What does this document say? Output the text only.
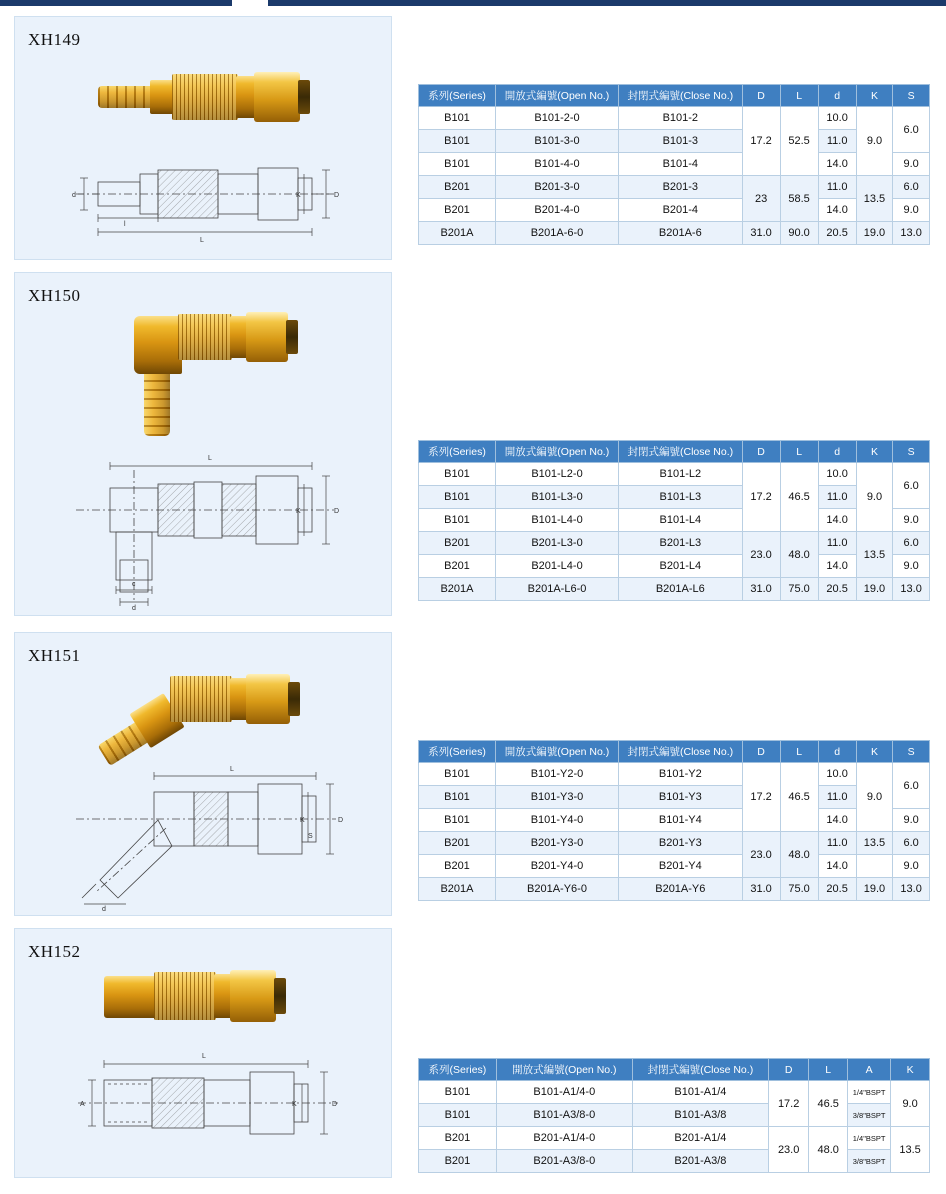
XH149
L
l
d	D
K
系列(Series)	開放式編號(Open No.)	封閉式編號(Close No.)	D	L	d	K	S
B101	B101-2-0	B101-2	17.2	52.5	10.0	9.0	6.0
B101	B101-3-0	B101-3			11.0		
B101	B101-4-0	B101-4			14.0		9.0
B201	B201-3-0	B201-3	23	58.5	11.0	13.5	6.0
B201	B201-4-0	B201-4			14.0		9.0
B201A	B201A-6-0	B201A-6	31.0	90.0	20.5	19.0	13.0
XH150
L
c
d
D
K
系列(Series)	開放式編號(Open No.)	封閉式編號(Close No.)	D	L	d	K	S
B101	B101-L2-0	B101-L2	17.2	46.5	10.0	9.0	6.0
B101	B101-L3-0	B101-L3			11.0		
B101	B101-L4-0	B101-L4			14.0		9.0
B201	B201-L3-0	B201-L3	23.0	48.0	11.0	13.5	6.0
B201	B201-L4-0	B201-L4			14.0		9.0
B201A	B201A-L6-0	B201A-L6	31.0	75.0	20.5	19.0	13.0
XH151
L
D
K
S
d
系列(Series)	開放式編號(Open No.)	封閉式編號(Close No.)	D	L	d	K	S
B101	B101-Y2-0	B101-Y2	17.2	46.5	10.0	9.0	6.0
B101	B101-Y3-0	B101-Y3			11.0		
B101	B101-Y4-0	B101-Y4			14.0		9.0
B201	B201-Y3-0	B201-Y3	23.0	48.0	11.0	13.5	6.0
B201	B201-Y4-0	B201-Y4			14.0		9.0
B201A	B201A-Y6-0	B201A-Y6	31.0	75.0	20.5	19.0	13.0
XH152
L
A	D
K
系列(Series)	開放式編號(Open No.)	封閉式編號(Close No.)	D	L	A	K
B101	B101-A1/4-0	B101-A1/4	17.2	46.5	1/4"BSPT	9.0
B101	B101-A3/8-0	B101-A3/8			3/8"BSPT	
B201	B201-A1/4-0	B201-A1/4	23.0	48.0	1/4"BSPT	13.5
B201	B201-A3/8-0	B201-A3/8			3/8"BSPT	
